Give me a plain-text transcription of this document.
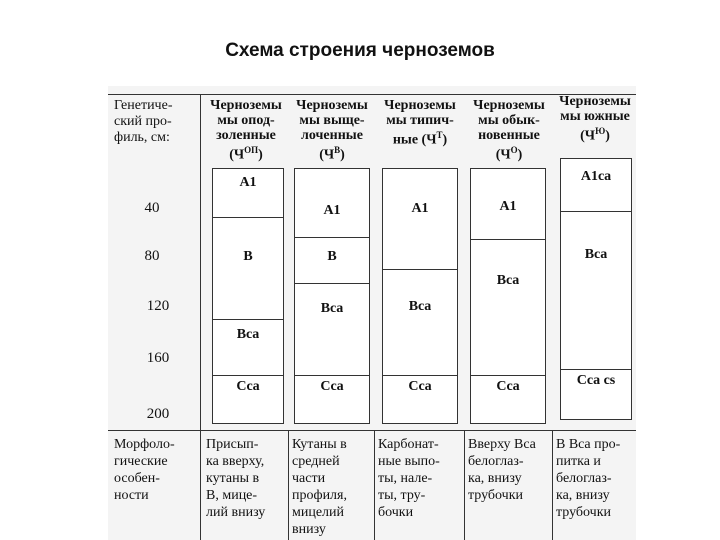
Схема строения черноземов
Генетиче-
ский про-
филь, см:
40
80
120
160
200
Черноземы
мы опод-
золенные
$(Ч^{ОП})$
Черноземы
мы выще-
лоченные
$(Ч^В)$
Черноземы
мы типич-
ные $(Ч^Т)$
Черноземы
мы обык-
новенные
$(Ч^О)$
Черноземы
мы южные
$(Ч^Ю)$
A1
B
Bca
Cca
A1
B
Bca
Cca
A1
Bca
Cca
A1
Bca
Cca
A1ca
Bca
Cca cs
Морфоло-
гические
особен-
ности
Присып-
ка вверху,
кутаны в
В, мице-
лий внизу
Кутаны в
средней
части
профиля,
мицелий
внизу
Карбонат-
ные выпо-
ты, нале-
ты, тру-
бочки
Вверху Bca
белоглаз-
ка, внизу
трубочки
В Bca про-
питка и
белоглаз-
ка, внизу
трубочки
